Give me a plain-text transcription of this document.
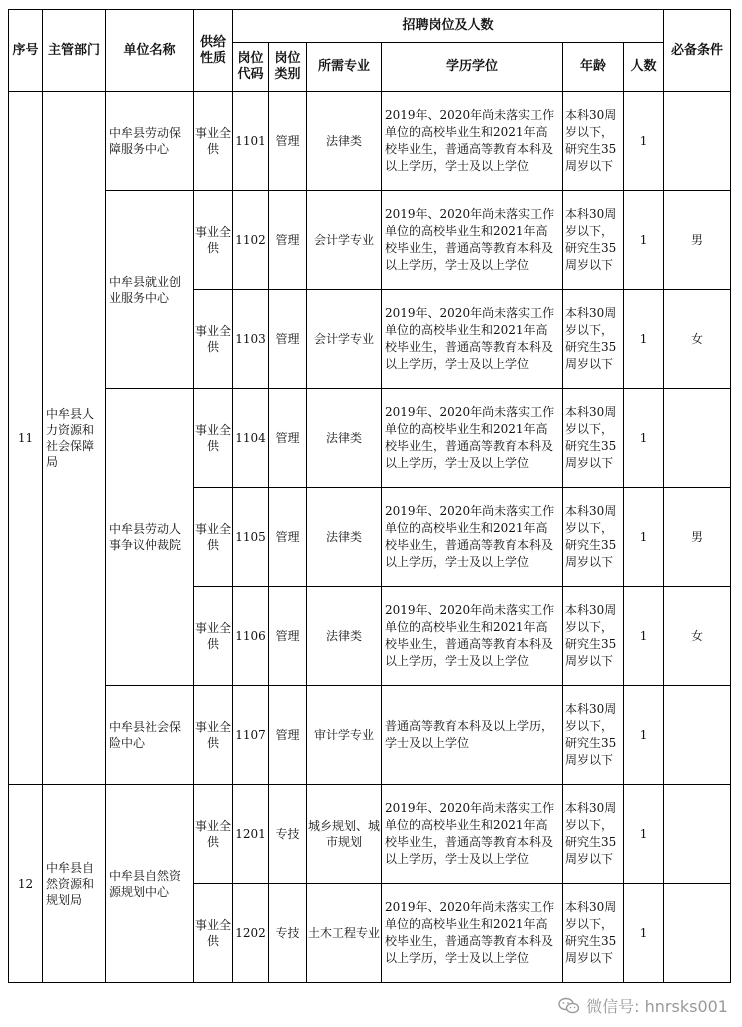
序号	主管部门	单位名称	供给性质	招聘岗位及人数						必备条件
				岗位代码	岗位类别	所需专业	学历学位	年龄	人数	
11	中牟县人力资源和社会保障局	中牟县劳动保障服务中心	事业全供	1101	管理	法律类	2019年、2020年尚未落实工作单位的高校毕业生和2021年高校毕业生，普通高等教育本科及以上学历，学士及以上学位	本科30周岁以下，研究生35周岁以下	1	
		中牟县就业创业服务中心	事业全供	1102	管理	会计学专业	2019年、2020年尚未落实工作单位的高校毕业生和2021年高校毕业生，普通高等教育本科及以上学历，学士及以上学位	本科30周岁以下，研究生35周岁以下	1	男
			事业全供	1103	管理	会计学专业	2019年、2020年尚未落实工作单位的高校毕业生和2021年高校毕业生，普通高等教育本科及以上学历，学士及以上学位	本科30周岁以下，研究生35周岁以下	1	女
		中牟县劳动人事争议仲裁院	事业全供	1104	管理	法律类	2019年、2020年尚未落实工作单位的高校毕业生和2021年高校毕业生，普通高等教育本科及以上学历，学士及以上学位	本科30周岁以下，研究生35周岁以下	1	
			事业全供	1105	管理	法律类	2019年、2020年尚未落实工作单位的高校毕业生和2021年高校毕业生，普通高等教育本科及以上学历，学士及以上学位	本科30周岁以下，研究生35周岁以下	1	男
			事业全供	1106	管理	法律类	2019年、2020年尚未落实工作单位的高校毕业生和2021年高校毕业生，普通高等教育本科及以上学历，学士及以上学位	本科30周岁以下，研究生35周岁以下	1	女
		中牟县社会保险中心	事业全供	1107	管理	审计学专业	普通高等教育本科及以上学历，学士及以上学位	本科30周岁以下，研究生35周岁以下	1	
12	中牟县自然资源和规划局	中牟县自然资源规划中心	事业全供	1201	专技	城乡规划、城市规划	2019年、2020年尚未落实工作单位的高校毕业生和2021年高校毕业生，普通高等教育本科及以上学历，学士及以上学位	本科30周岁以下，研究生35周岁以下	1	
			事业全供	1202	专技	土木工程专业	2019年、2020年尚未落实工作单位的高校毕业生和2021年高校毕业生，普通高等教育本科及以上学历，学士及以上学位	本科30周岁以下，研究生35周岁以下	1	
微信号: hnrsks001
